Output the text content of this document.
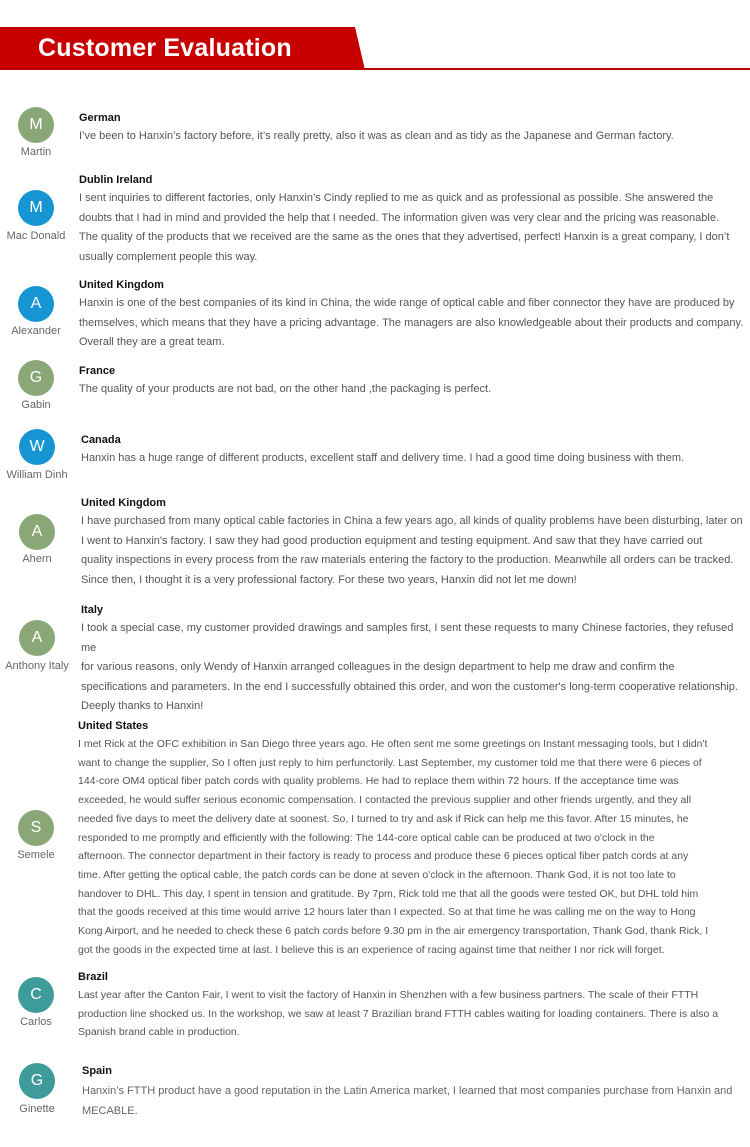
Customer Evaluation
M
Martin
German
I’ve been to Hanxin’s factory before, it’s really pretty, also it was as clean and as tidy as the Japanese and German factory.
M
Mac Donald
Dublin Ireland
I sent inquiries to different factories, only Hanxin’s Cindy replied to me as quick and as professional as possible. She answered the
doubts that I had in mind and provided the help that I needed. The information given was very clear and the pricing was reasonable.
The quality of the products that we received are the same as the ones that they advertised, perfect! Hanxin is a great company, I don’t
usually complement people this way.
A
Alexander
United Kingdom
Hanxin is one of the best companies of its kind in China, the wide range of optical cable and fiber connector they have are produced by
themselves, which means that they have a pricing advantage. The managers are also knowledgeable about their products and company.
Overall they are a great team.
G
Gabin
France
The quality of your products are not bad, on the other hand ,the packaging is perfect.
W
William Dinh
Canada
Hanxin has a huge range of different products, excellent staff and delivery time. I had a good time doing business with them.
A
Ahern
United Kingdom
I have purchased from many optical cable factories in China a few years ago, all kinds of quality problems have been disturbing, later on
I went to Hanxin's factory. I saw they had good production equipment and testing equipment. And saw that they have carried out
quality inspections in every process from the raw materials entering the factory to the production. Meanwhile all orders can be tracked.
Since then, I thought it is a very professional factory. For these two years, Hanxin did not let me down!
A
Anthony Italy
Italy
I took a special case, my customer provided drawings and samples first, I sent these requests to many Chinese factories, they refused me
for various reasons, only Wendy of Hanxin arranged colleagues in the design department to help me draw and confirm the
specifications and parameters. In the end I successfully obtained this order, and won the customer's long-term cooperative relationship.
Deeply thanks to Hanxin!
S
Semele
United States
I met Rick at the OFC exhibition in San Diego three years ago. He often sent me some greetings on Instant messaging tools, but I didn't
want to change the supplier, So I often just reply to him perfunctorily. Last September, my customer told me that there were 6 pieces of
144-core OM4 optical fiber patch cords with quality problems. He had to replace them within 72 hours. If the acceptance time was
exceeded, he would suffer serious economic compensation. I contacted the previous supplier and other friends urgently, and they all
needed five days to meet the delivery date at soonest. So, I turned to try and ask if Rick can help me this favor. After 15 minutes, he
responded to me promptly and efficiently with the following: The 144-core optical cable can be produced at two o'clock in the
afternoon. The connector department in their factory is ready to process and produce these 6 pieces optical fiber patch cords at any
time. After getting the optical cable, the patch cords can be done at seven o'clock in the afternoon. Thank God, it is not too late to
handover to DHL. This day, I spent in tension and gratitude. By 7pm, Rick told me that all the goods were tested OK, but DHL told him
that the goods received at this time would arrive 12 hours later than I expected. So at that time he was calling me on the way to Hong
Kong Airport, and he needed to check these 6 patch cords before 9.30 pm in the air emergency transportation, Thank God, thank Rick, I
got the goods in the expected time at last. I believe this is an experience of racing against time that neither I nor rick will forget.
C
Carlos
Brazil
Last year after the Canton Fair, I went to visit the factory of Hanxin in Shenzhen with a few business partners. The scale of their FTTH
production line shocked us. In the workshop, we saw at least 7 Brazilian brand FTTH cables waiting for loading containers. There is also a
Spanish brand cable in production.
G
Ginette
Spain
Hanxin’s FTTH product have a good reputation in the Latin America market, I learned that most companies purchase from Hanxin and
MECABLE.
